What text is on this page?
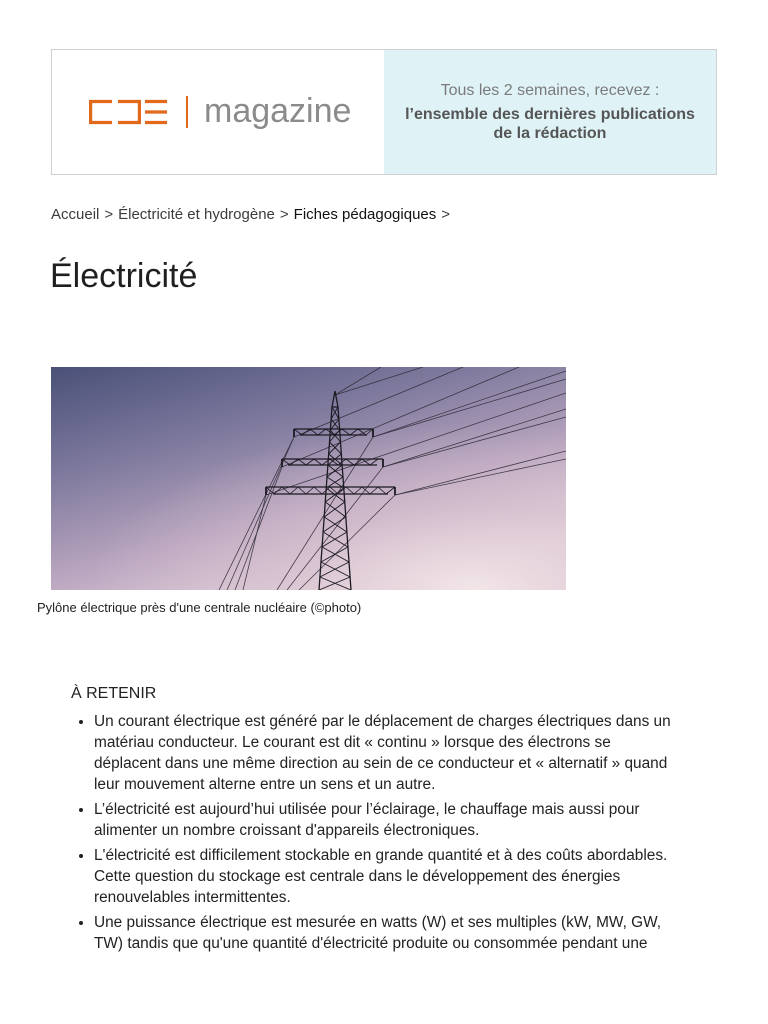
magazine
Tous les 2 semaines, recevez :
l’ensemble des dernières publications de la rédaction
Accueil > Électricité et hydrogène > Fiches pédagogiques >
Électricité
Pylône électrique près d'une centrale nucléaire (©photo)
À RETENIR
• Un courant électrique est généré par le déplacement de charges électriques dans un matériau conducteur. Le courant est dit « continu » lorsque des électrons se déplacent dans une même direction au sein de ce conducteur et « alternatif » quand leur mouvement alterne entre un sens et un autre.
• L’électricité est aujourd’hui utilisée pour l’éclairage, le chauffage mais aussi pour alimenter un nombre croissant d'appareils électroniques.
• L'électricité est difficilement stockable en grande quantité et à des coûts abordables. Cette question du stockage est centrale dans le développement des énergies renouvelables intermittentes.
• Une puissance électrique est mesurée en watts (W) et ses multiples (kW, MW, GW, TW) tandis que qu'une quantité d'électricité produite ou consommée pendant une
